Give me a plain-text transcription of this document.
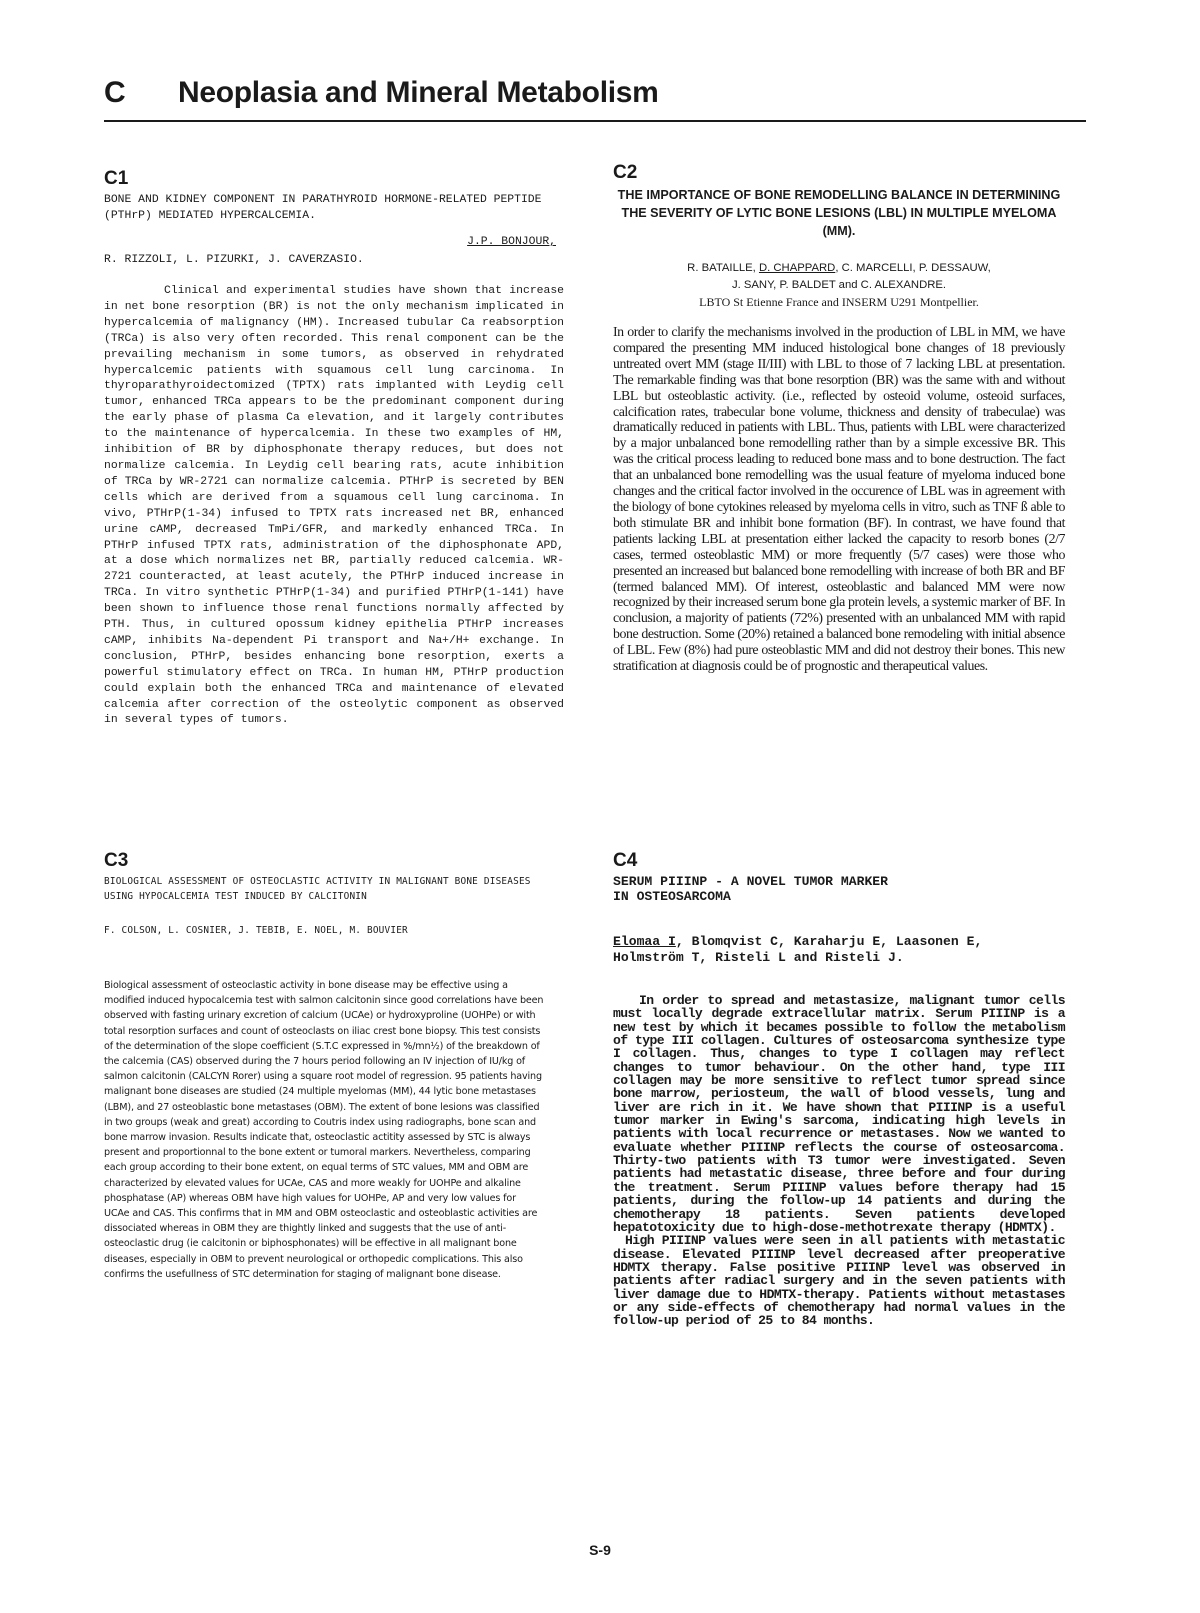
C Neoplasia and Mineral Metabolism
C1

BONE AND KIDNEY COMPONENT IN PARATHYROID HORMONE-RELATED PEPTIDE (PTHrP) MEDIATED HYPERCALCEMIA.

J.P. BONJOUR,

R. RIZZOLI, L. PIZURKI, J. CAVERZASIO.

Clinical and experimental studies have shown that increase in net bone resorption (BR) is not the only mechanism implicated in hypercalcemia of malignancy (HM). Increased tubular Ca reabsorption (TRCa) is also very often recorded. This renal component can be the prevailing mechanism in some tumors, as observed in rehydrated hypercalcemic patients with squamous cell lung carcinoma. In thyroparathyroidectomized (TPTX) rats implanted with Leydig cell tumor, enhanced TRCa appears to be the predominant component during the early phase of plasma Ca elevation, and it largely contributes to the maintenance of hypercalcemia. In these two examples of HM, inhibition of BR by diphosphonate therapy reduces, but does not normalize calcemia. In Leydig cell bearing rats, acute inhibition of TRCa by WR-2721 can normalize calcemia. PTHrP is secreted by BEN cells which are derived from a squamous cell lung carcinoma. In vivo, PTHrP(1-34) infused to TPTX rats increased net BR, enhanced urine cAMP, decreased TmPi/GFR, and markedly enhanced TRCa. In PTHrP infused TPTX rats, administration of the diphosphonate APD, at a dose which normalizes net BR, partially reduced calcemia. WR-2721 counteracted, at least acutely, the PTHrP induced increase in TRCa. In vitro synthetic PTHrP(1-34) and purified PTHrP(1-141) have been shown to influence those renal functions normally affected by PTH. Thus, in cultured opossum kidney epithelia PTHrP increases cAMP, inhibits Na-dependent Pi transport and Na+/H+ exchange. In conclusion, PTHrP, besides enhancing bone resorption, exerts a powerful stimulatory effect on TRCa. In human HM, PTHrP production could explain both the enhanced TRCa and maintenance of elevated calcemia after correction of the osteolytic component as observed in several types of tumors.

C2

THE IMPORTANCE OF BONE REMODELLING BALANCE IN DETERMINING THE SEVERITY OF LYTIC BONE LESIONS (LBL) IN MULTIPLE MYELOMA (MM).

R. BATAILLE, D. CHAPPARD, C. MARCELLI, P. DESSAUW,
J. SANY, P. BALDET and C. ALEXANDRE.

LBTO St Etienne France and INSERM U291 Montpellier.

In order to clarify the mechanisms involved in the production of LBL in MM, we have compared the presenting MM induced histological bone changes of 18 previously untreated overt MM (stage II/III) with LBL to those of 7 lacking LBL at presentation. The remarkable finding was that bone resorption (BR) was the same with and without LBL but osteoblastic activity. (i.e., reflected by osteoid volume, osteoid surfaces, calcification rates, trabecular bone volume, thickness and density of trabeculae) was dramatically reduced in patients with LBL. Thus, patients with LBL were characterized by a major unbalanced bone remodelling rather than by a simple excessive BR. This was the critical process leading to reduced bone mass and to bone destruction. The fact that an unbalanced bone remodelling was the usual feature of myeloma induced bone changes and the critical factor involved in the occurence of LBL was in agreement with the biology of bone cytokines released by myeloma cells in vitro, such as TNF ß able to both stimulate BR and inhibit bone formation (BF). In contrast, we have found that patients lacking LBL at presentation either lacked the capacity to resorb bones (2/7 cases, termed osteoblastic MM) or more frequently (5/7 cases) were those who presented an increased but balanced bone remodelling with increase of both BR and BF (termed balanced MM). Of interest, osteoblastic and balanced MM were now recognized by their increased serum bone gla protein levels, a systemic marker of BF. In conclusion, a majority of patients (72%) presented with an unbalanced MM with rapid bone destruction. Some (20%) retained a balanced bone remodeling with initial absence of LBL. Few (8%) had pure osteoblastic MM and did not destroy their bones. This new stratification at diagnosis could be of prognostic and therapeutical values.

C3

BIOLOGICAL ASSESSMENT OF OSTEOCLASTIC ACTIVITY IN MALIGNANT BONE DISEASES USING HYPOCALCEMIA TEST INDUCED BY CALCITONIN

F. COLSON, L. COSNIER, J. TEBIB, E. NOEL, M. BOUVIER

Biological assessment of osteoclastic activity in bone disease may be effective using a modified induced hypocalcemia test with salmon calcitonin since good correlations have been observed with fasting urinary excretion of calcium (UCAe) or hydroxyproline (UOHPe) or with total resorption surfaces and count of osteoclasts on iliac crest bone biopsy. This test consists of the determination of the slope coefficient (S.T.C expressed in %/mn½) of the breakdown of the calcemia (CAS) observed during the 7 hours period following an IV injection of IU/kg of salmon calcitonin (CALCYN Rorer) using a square root model of regression. 95 patients having malignant bone diseases are studied (24 multiple myelomas (MM), 44 lytic bone metastases (LBM), and 27 osteoblastic bone metastases (OBM). The extent of bone lesions was classified in two groups (weak and great) according to Coutris index using radiographs, bone scan and bone marrow invasion. Results indicate that, osteoclastic actitity assessed by STC is always present and proportionnal to the bone extent or tumoral markers. Nevertheless, comparing each group according to their bone extent, on equal terms of STC values, MM and OBM are characterized by elevated values for UCAe, CAS and more weakly for UOHPe and alkaline phosphatase (AP) whereas OBM have high values for UOHPe, AP and very low values for UCAe and CAS. This confirms that in MM and OBM osteoclastic and osteoblastic activities are dissociated whereas in OBM they are thightly linked and suggests that the use of anti-osteoclastic drug (ie calcitonin or biphosphonates) will be effective in all malignant bone diseases, especially in OBM to prevent neurological or orthopedic complications. This also confirms the usefullness of STC determination for staging of malignant bone disease.

C4

SERUM PIIINP - A NOVEL TUMOR MARKER
IN OSTEOSARCOMA

Elomaa I, Blomqvist C, Karaharju E, Laasonen E,
Holmström T, Risteli L and Risteli J.

In order to spread and metastasize, malignant tumor cells must locally degrade extracellular matrix. Serum PIIINP is a new test by which it becames possible to follow the metabolism of type III collagen. Cultures of osteosarcoma synthesize type I collagen. Thus, changes to type I collagen may reflect changes to tumor behaviour. On the other hand, type III collagen may be more sensitive to reflect tumor spread since bone marrow, periosteum, the wall of blood vessels, lung and liver are rich in it. We have shown that PIIINP is a useful tumor marker in Ewing's sarcoma, indicating high levels in patients with local recurrence or metastases. Now we wanted to evaluate whether PIIINP reflects the course of osteosarcoma. Thirty-two patients with T3 tumor were investigated. Seven patients had metastatic disease, three before and four during the treatment. Serum PIIINP values before therapy had 15 patients, during the follow-up 14 patients and during the chemotherapy 18 patients. Seven patients developed hepatotoxicity due to high-dose-methotrexate therapy (HDMTX).

High PIIINP values were seen in all patients with metastatic disease. Elevated PIIINP level decreased after preoperative HDMTX therapy. False positive PIIINP level was observed in patients after radiacl surgery and in the seven patients with liver damage due to HDMTX-therapy. Patients without metastases or any side-effects of chemotherapy had normal values in the follow-up period of 25 to 84 months.

S-9
